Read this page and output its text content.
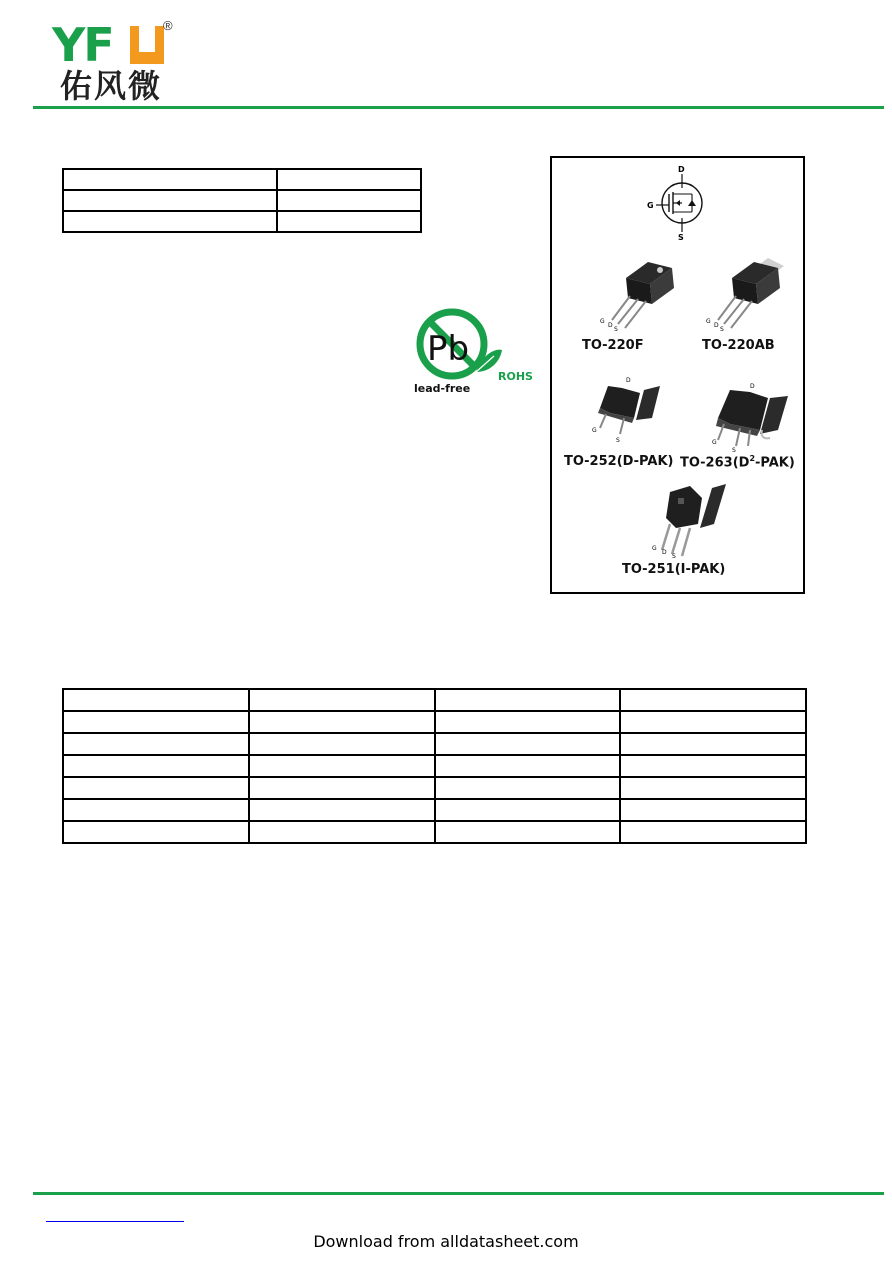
YF	®
佑风微

Pb
lead-free
ROHS
D
G
S
G
D
S
G
D
S
D
G
S
D
G
S
G
D
S
TO-220F	TO-220AB
TO-252(D-PAK) $TO-263(D^2-PAK)$
TO-251(I-PAK)

Download from alldatasheet.com
